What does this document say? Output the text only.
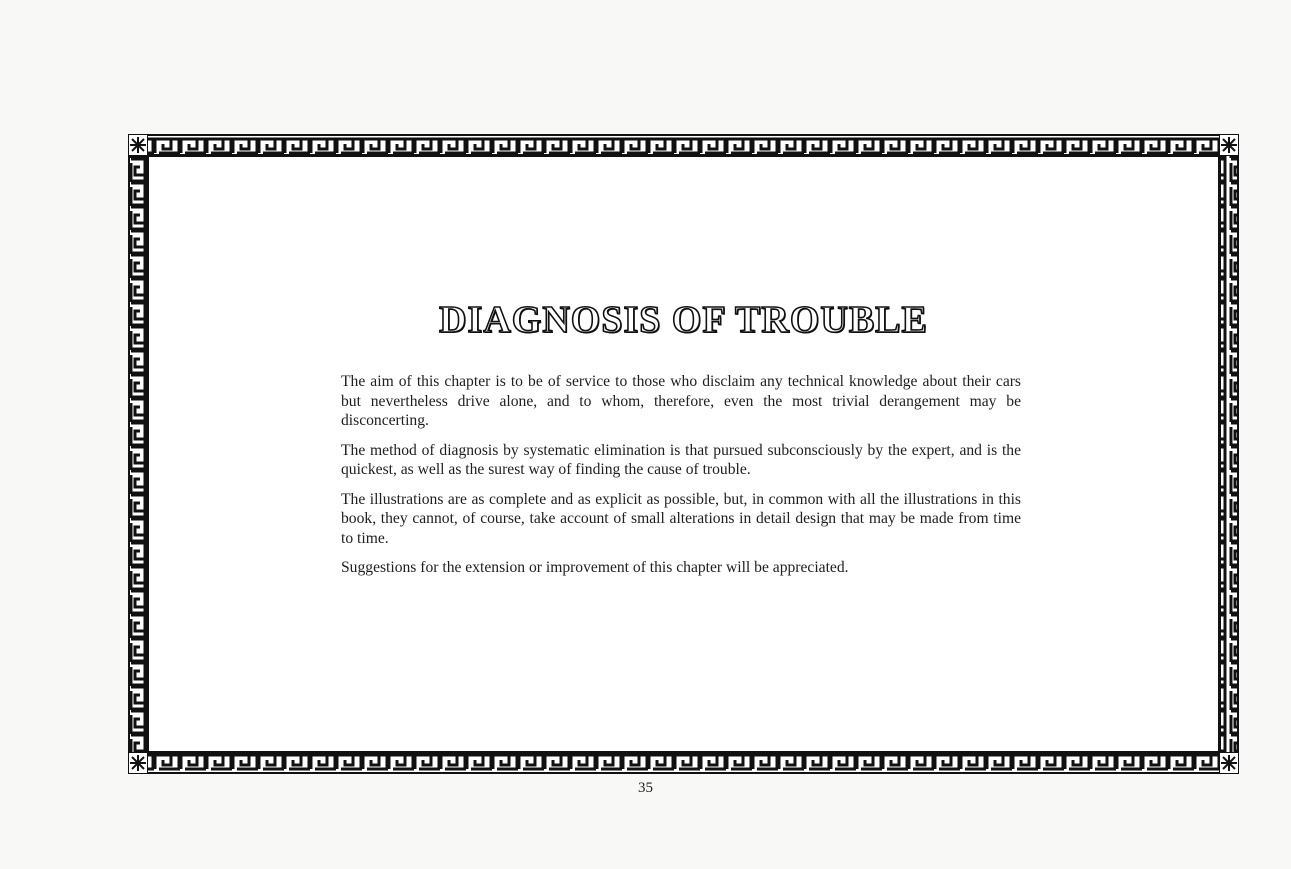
DIAGNOSIS OF TROUBLE

The aim of this chapter is to be of service to those who disclaim any technical knowledge about their cars but nevertheless drive alone, and to whom, therefore, even the most trivial derangement may be disconcerting.

The method of diagnosis by systematic elimination is that pursued subconsciously by the expert, and is the quickest, as well as the surest way of finding the cause of trouble.

The illustrations are as complete and as explicit as possible, but, in common with all the illustrations in this book, they cannot, of course, take account of small alterations in detail design that may be made from time to time.

Suggestions for the extension or improvement of this chapter will be appreciated.

35
